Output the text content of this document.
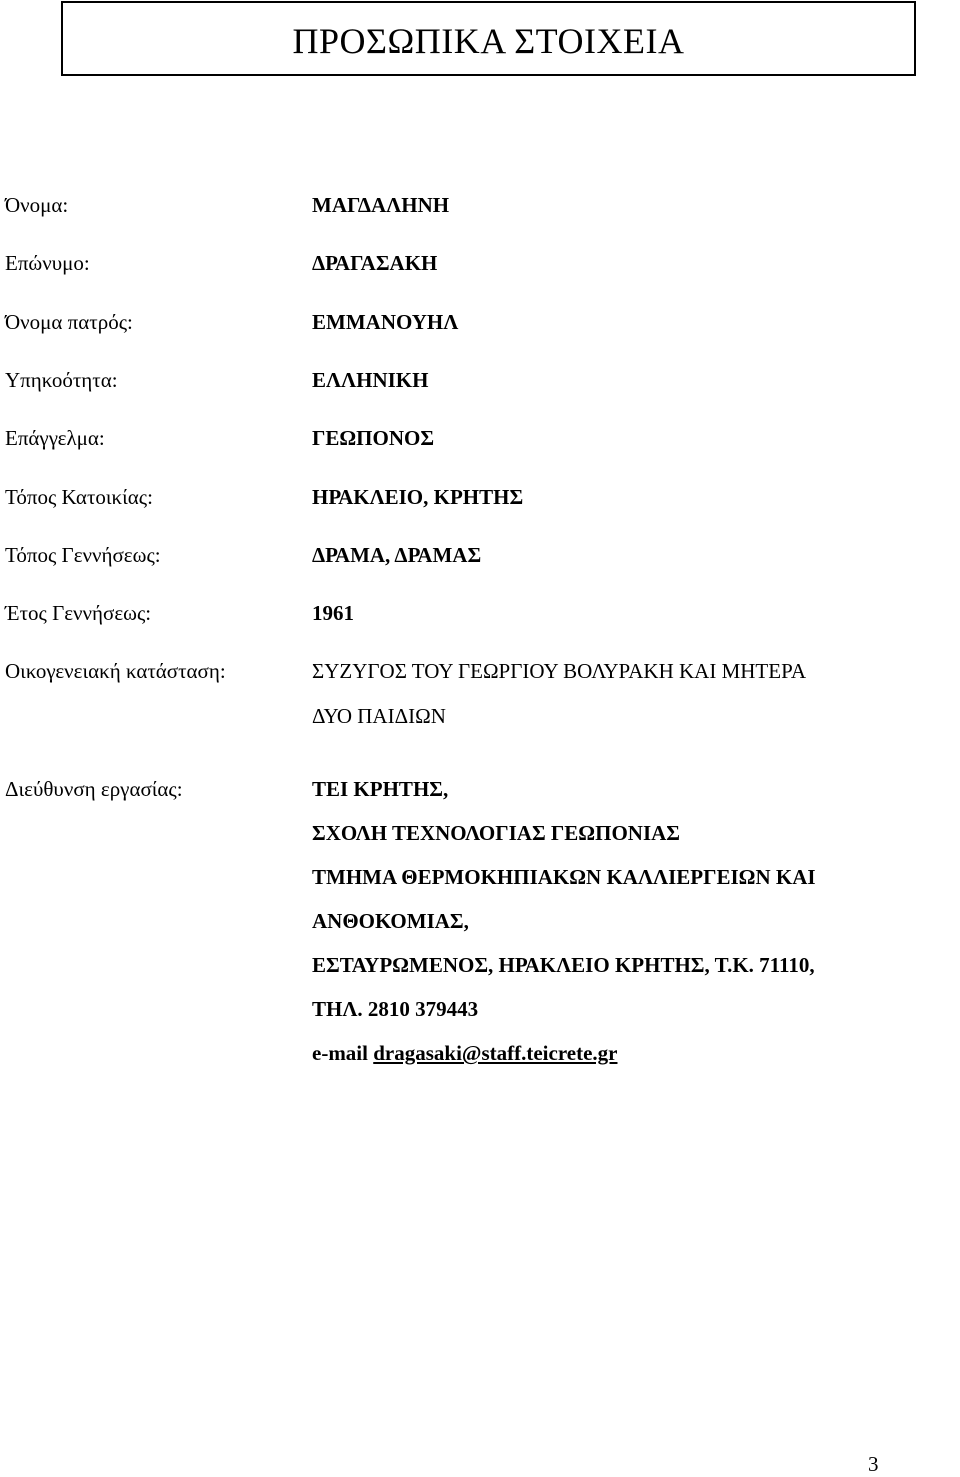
ΠΡΟΣΩΠΙΚΑ ΣΤΟΙΧΕΙΑ
Όνομα:	ΜΑΓΔΑΛΗΝΗ
Επώνυμο:	ΔΡΑΓΑΣΑΚΗ
Όνομα πατρός:	ΕΜΜΑΝΟΥΗΛ
Υπηκοότητα:	ΕΛΛΗΝΙΚΗ
Επάγγελμα:	ΓΕΩΠΟΝΟΣ
Τόπος Κατοικίας:	ΗΡΑΚΛΕΙΟ, ΚΡΗΤΗΣ
Τόπος Γεννήσεως:	ΔΡΑΜΑ, ΔΡΑΜΑΣ
Έτος Γεννήσεως:	1961
Οικογενειακή κατάσταση:	ΣΥΖΥΓΟΣ ΤΟΥ ΓΕΩΡΓΙΟΥ ΒΟΛΥΡΑΚΗ ΚΑΙ ΜΗΤΕΡΑ
ΔΥΟ ΠΑΙΔΙΩΝ
Διεύθυνση εργασίας:	ΤΕΙ ΚΡΗΤΗΣ,
ΣΧΟΛΗ ΤΕΧΝΟΛΟΓΙΑΣ ΓΕΩΠΟΝΙΑΣ
ΤΜΗΜΑ ΘΕΡΜΟΚΗΠΙΑΚΩΝ ΚΑΛΛΙΕΡΓΕΙΩΝ ΚΑΙ
ΑΝΘΟΚΟΜΙΑΣ,
ΕΣΤΑΥΡΩΜΕΝΟΣ, ΗΡΑΚΛΕΙΟ ΚΡΗΤΗΣ, Τ.Κ. 71110,
ΤΗΛ. 2810 379443
e-mail dragasaki@staff.teicrete.gr
3
